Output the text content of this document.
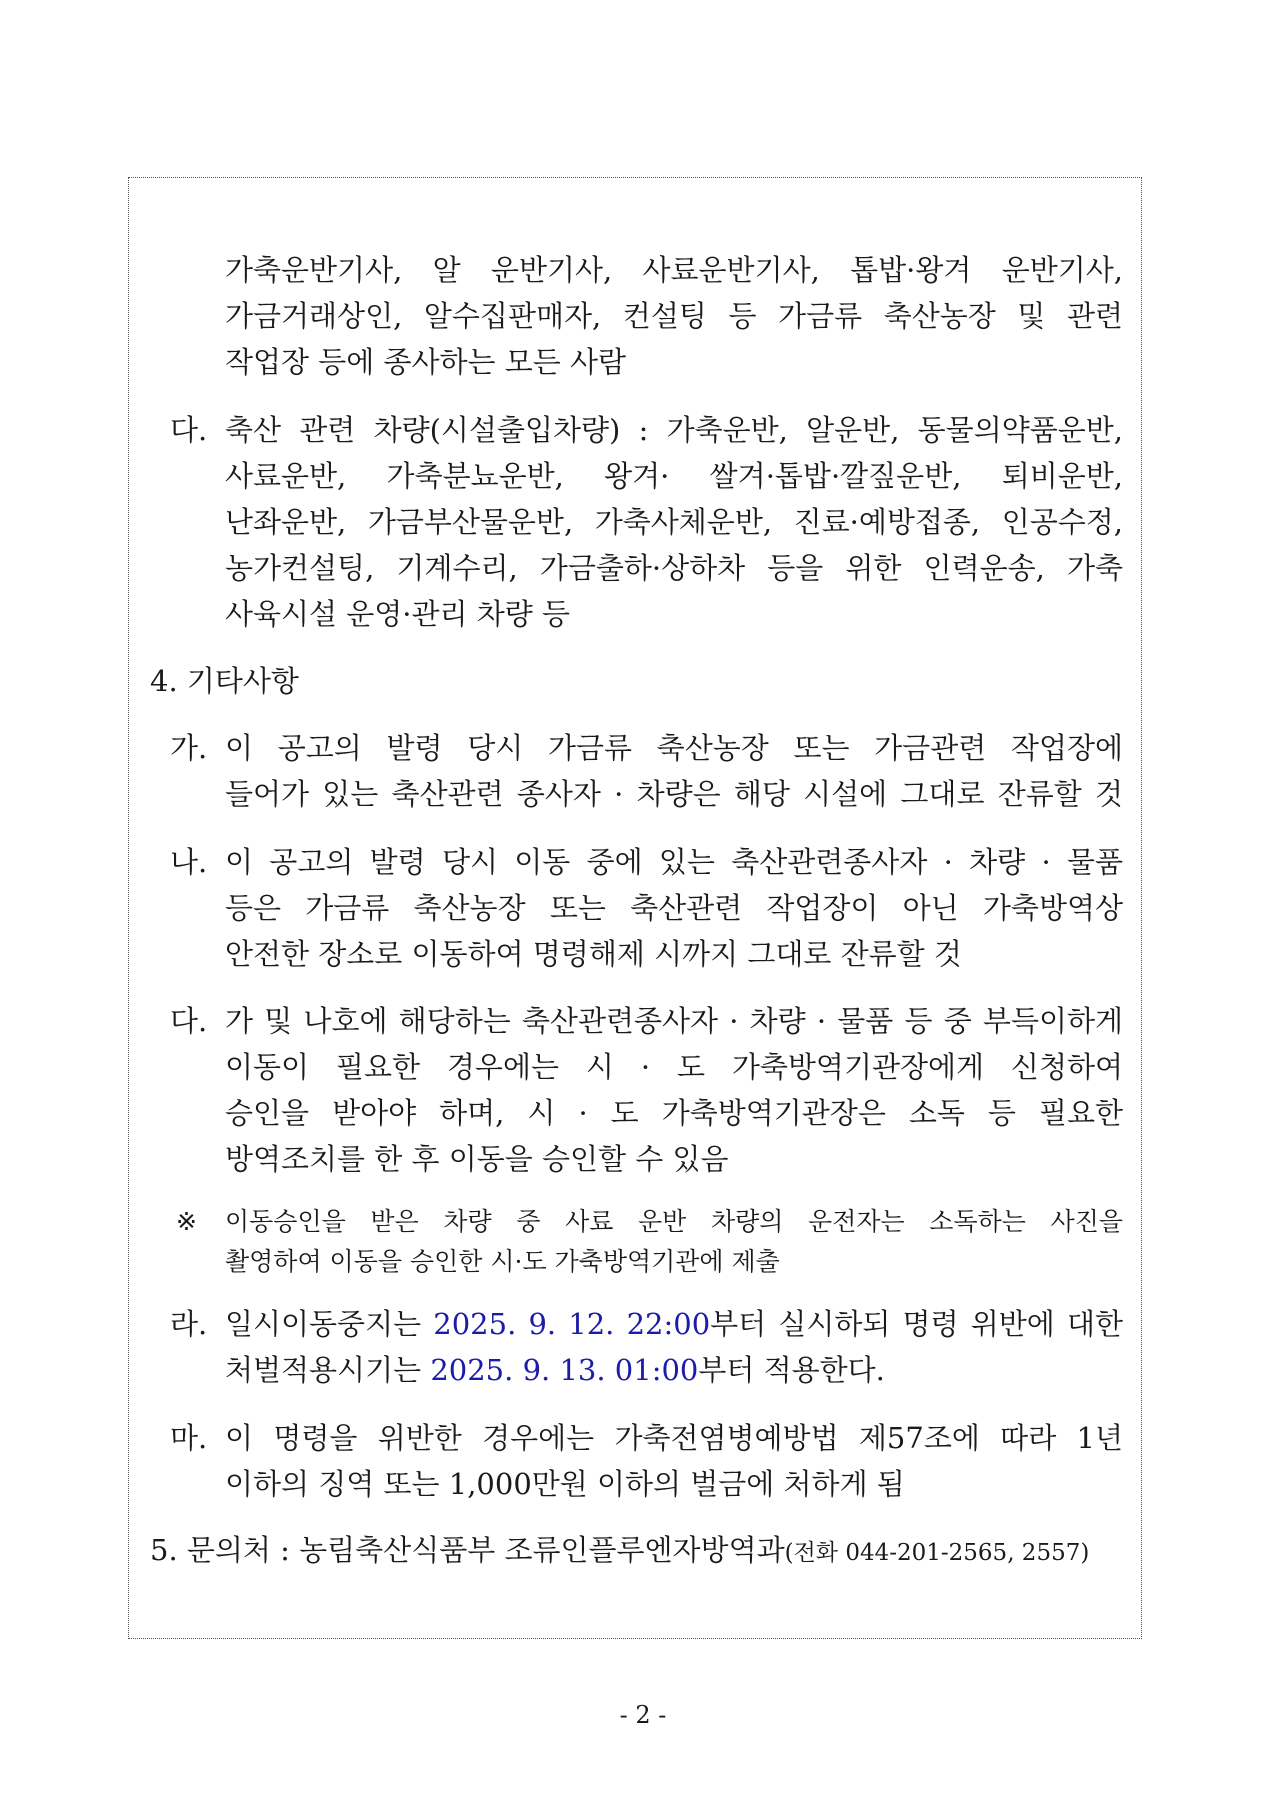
가축운반기사, 알 운반기사, 사료운반기사, 톱밥·왕겨 운반기사,
가금거래상인, 알수집판매자, 컨설팅 등 가금류 축산농장 및 관련
작업장 등에 종사하는 모든 사람
다. 축산 관련 차량(시설출입차량) : 가축운반, 알운반, 동물의약품운반,
사료운반, 가축분뇨운반, 왕겨· 쌀겨·톱밥·깔짚운반, 퇴비운반,
난좌운반, 가금부산물운반, 가축사체운반, 진료·예방접종, 인공수정,
농가컨설팅, 기계수리, 가금출하·상하차 등을 위한 인력운송, 가축
사육시설 운영·관리 차량 등
4. 기타사항
가. 이 공고의 발령 당시 가금류 축산농장 또는 가금관련 작업장에
들어가 있는 축산관련 종사자 · 차량은 해당 시설에 그대로 잔류할 것
나. 이 공고의 발령 당시 이동 중에 있는 축산관련종사자 · 차량 · 물품
등은 가금류 축산농장 또는 축산관련 작업장이 아닌 가축방역상
안전한 장소로 이동하여 명령해제 시까지 그대로 잔류할 것
다. 가 및 나호에 해당하는 축산관련종사자 · 차량 · 물품 등 중 부득이하게
이동이 필요한 경우에는 시 · 도 가축방역기관장에게 신청하여
승인을 받아야 하며, 시 · 도 가축방역기관장은 소독 등 필요한
방역조치를 한 후 이동을 승인할 수 있음
※ 이동승인을 받은 차량 중 사료 운반 차량의 운전자는 소독하는 사진을
촬영하여 이동을 승인한 시·도 가축방역기관에 제출
라. 일시이동중지는 2025. 9. 12. 22:00부터 실시하되 명령 위반에 대한
처벌적용시기는 2025. 9. 13. 01:00부터 적용한다.
마. 이 명령을 위반한 경우에는 가축전염병예방법 제57조에 따라 1년
이하의 징역 또는 1,000만원 이하의 벌금에 처하게 됨
5. 문의처 : 농림축산식품부 조류인플루엔자방역과(전화 044-201-2565, 2557)
- 2 -
